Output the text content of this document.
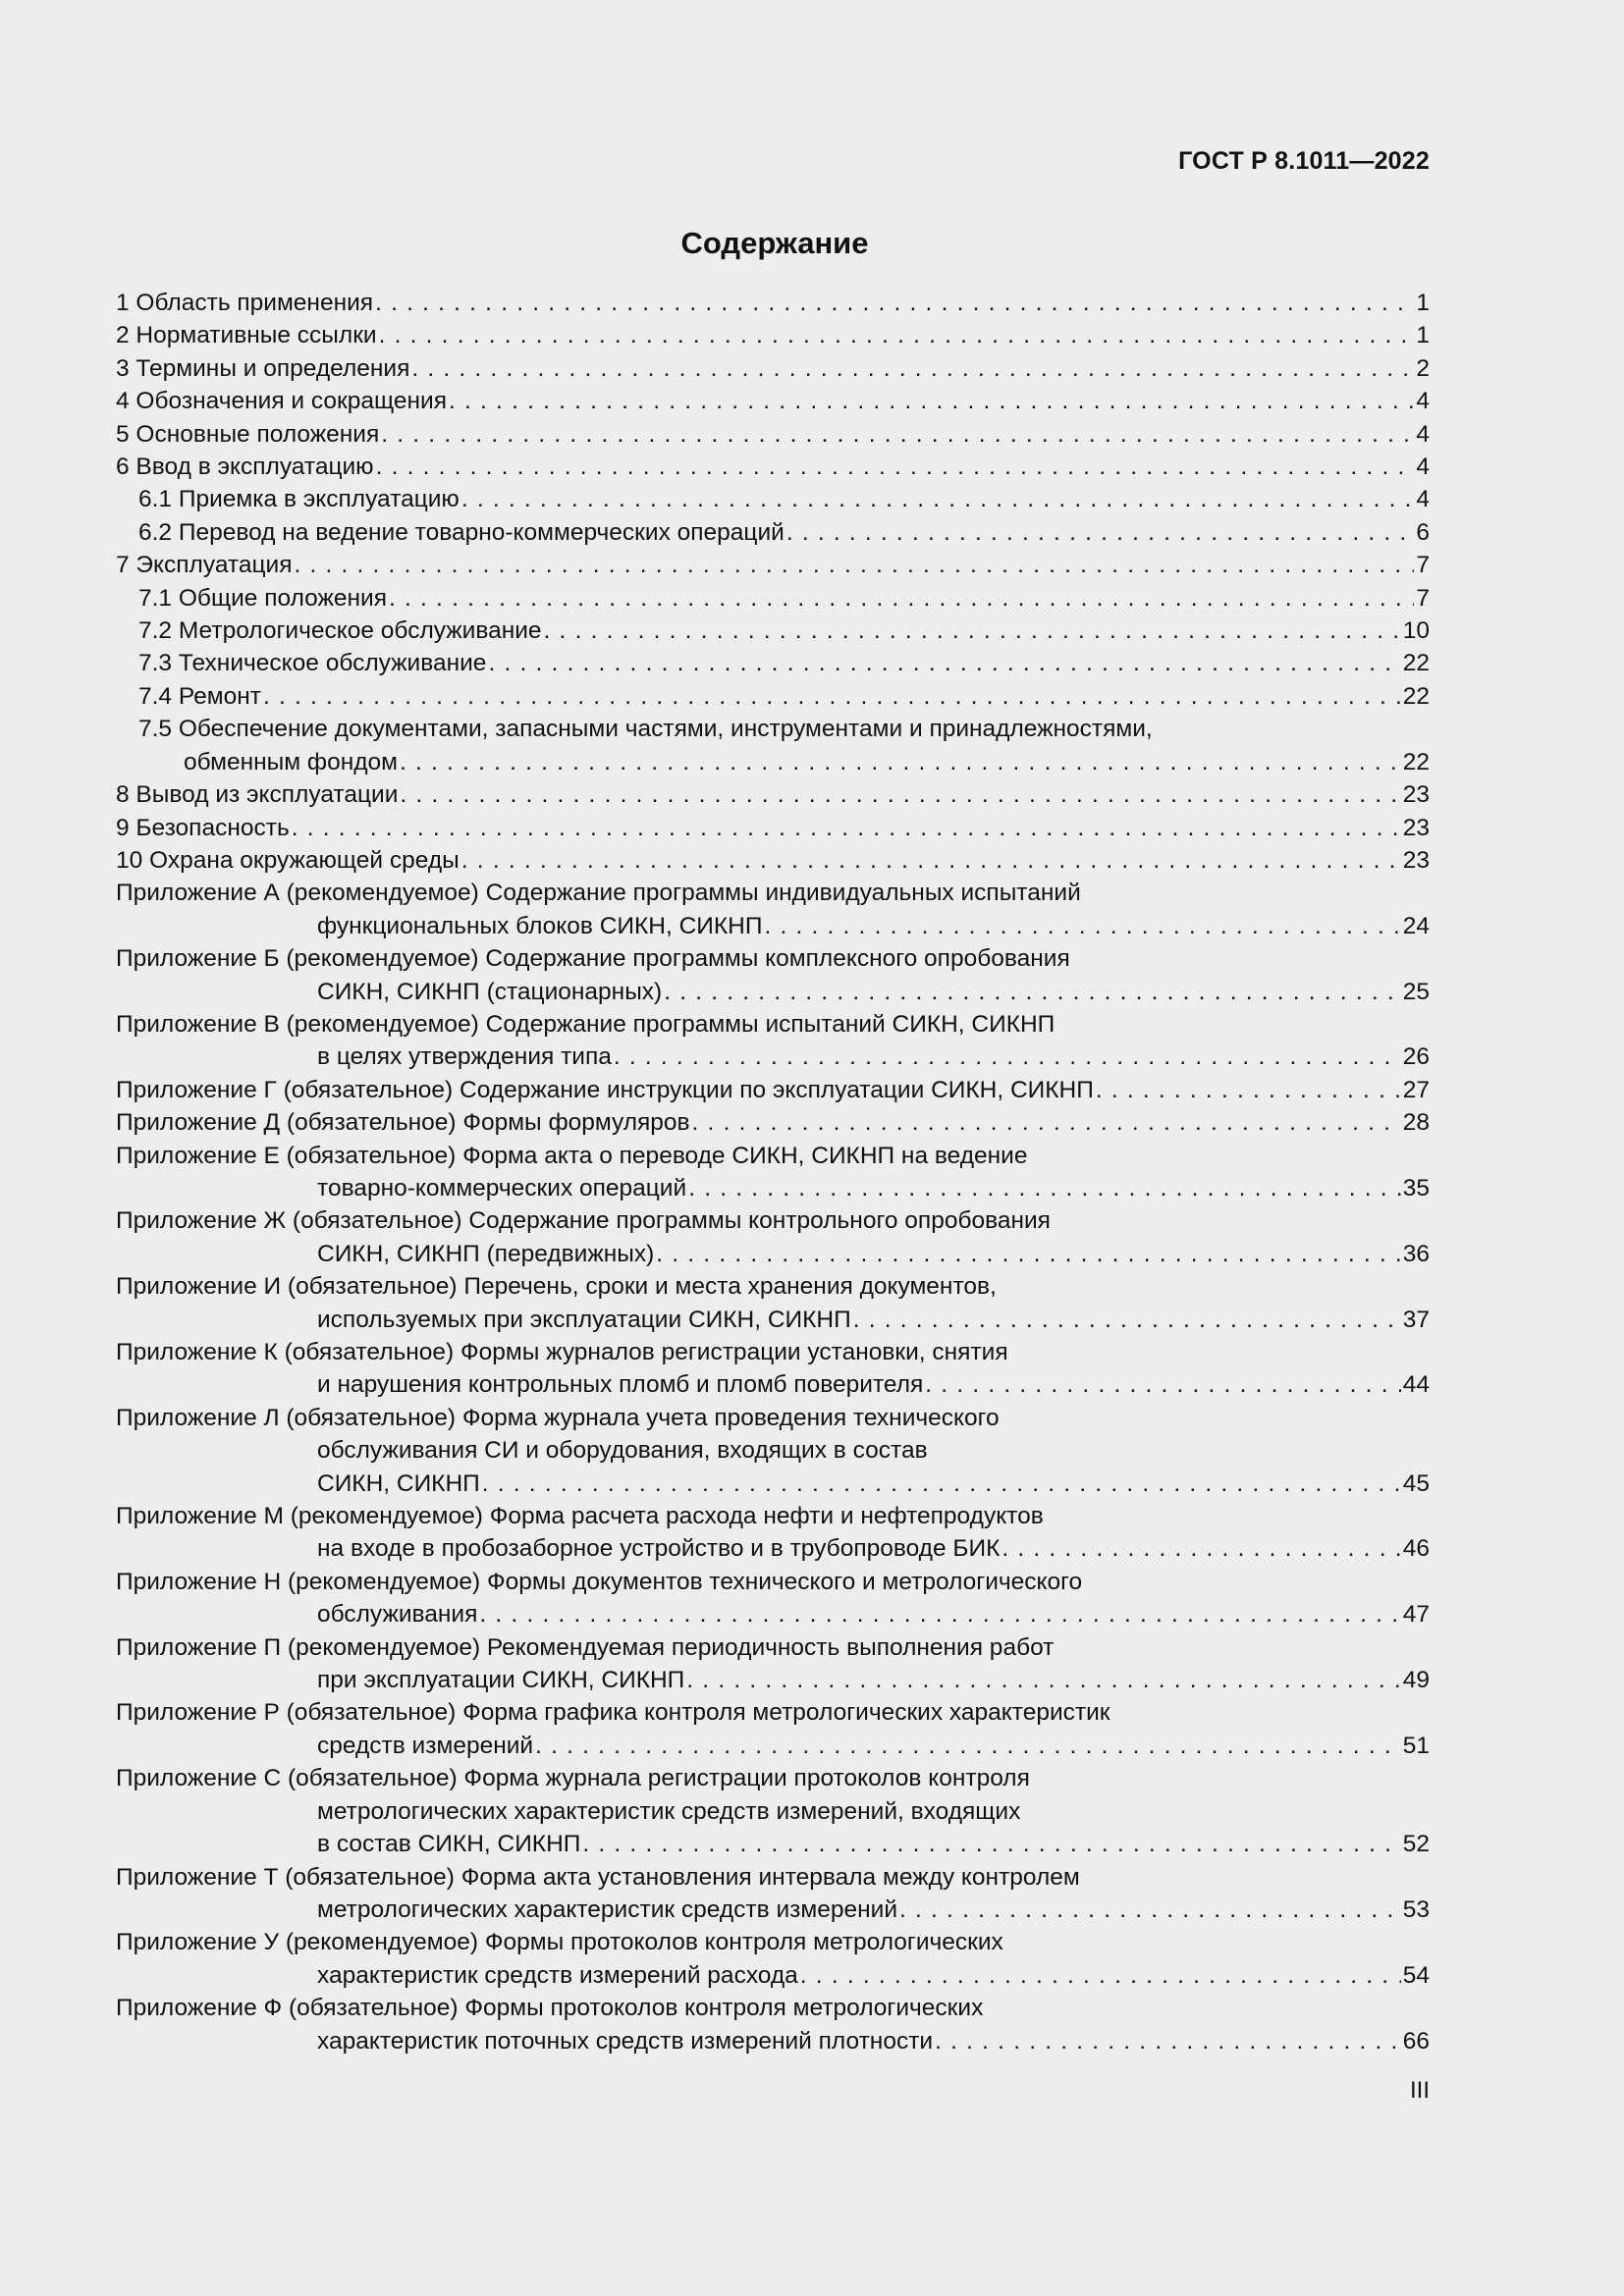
ГОСТ Р 8.1011—2022
Содержание
1 Область применения . . .	1
2 Нормативные ссылки . . .	1
3 Термины и определения . . .	2
4 Обозначения и сокращения . . .	4
5 Основные положения . . .	4
6 Ввод в эксплуатацию . . .	4
6.1 Приемка в эксплуатацию . . .	4
6.2 Перевод на ведение товарно-коммерческих операций . . .	6
7 Эксплуатация . . .	7
7.1 Общие положения . . .	7
7.2 Метрологическое обслуживание . . .	10
7.3 Техническое обслуживание . . .	22
7.4 Ремонт . . .	22
7.5 Обеспечение документами, запасными частями, инструментами и принадлежностями,
обменным фондом . . .	22
8 Вывод из эксплуатации . . .	23
9 Безопасность . . .	23
10 Охрана окружающей среды . . .	23
Приложение А (рекомендуемое) Содержание программы индивидуальных испытаний
функциональных блоков СИКН, СИКНП . . .	24
Приложение Б (рекомендуемое) Содержание программы комплексного опробования
СИКН, СИКНП (стационарных) . . .	25
Приложение В (рекомендуемое) Содержание программы испытаний СИКН, СИКНП
в целях утверждения типа . . .	26
Приложение Г (обязательное) Содержание инструкции по эксплуатации СИКН, СИКНП . . .	27
Приложение Д (обязательное) Формы формуляров . . .	28
Приложение Е (обязательное) Форма акта о переводе СИКН, СИКНП на ведение
товарно-коммерческих операций . . .	35
Приложение Ж (обязательное) Содержание программы контрольного опробования
СИКН, СИКНП (передвижных) . . .	36
Приложение И (обязательное) Перечень, сроки и места хранения документов,
используемых при эксплуатации СИКН, СИКНП . . .	37
Приложение К (обязательное) Формы журналов регистрации установки, снятия
и нарушения контрольных пломб и пломб поверителя . . .	44
Приложение Л (обязательное) Форма журнала учета проведения технического
обслуживания СИ и оборудования, входящих в состав
СИКН, СИКНП . . .	45
Приложение М (рекомендуемое) Форма расчета расхода нефти и нефтепродуктов
на входе в пробозаборное устройство и в трубопроводе БИК . . .	46
Приложение Н (рекомендуемое) Формы документов технического и метрологического
обслуживания . . .	47
Приложение П (рекомендуемое) Рекомендуемая периодичность выполнения работ
при эксплуатации СИКН, СИКНП . . .	49
Приложение Р (обязательное) Форма графика контроля метрологических характеристик
средств измерений . . .	51
Приложение С (обязательное) Форма журнала регистрации протоколов контроля
метрологических характеристик средств измерений, входящих
в состав СИКН, СИКНП . . .	52
Приложение Т (обязательное) Форма акта установления интервала между контролем
метрологических характеристик средств измерений . . .	53
Приложение У (рекомендуемое) Формы протоколов контроля метрологических
характеристик средств измерений расхода . . .	54
Приложение Ф (обязательное) Формы протоколов контроля метрологических
характеристик поточных средств измерений плотности . . .	66
III
